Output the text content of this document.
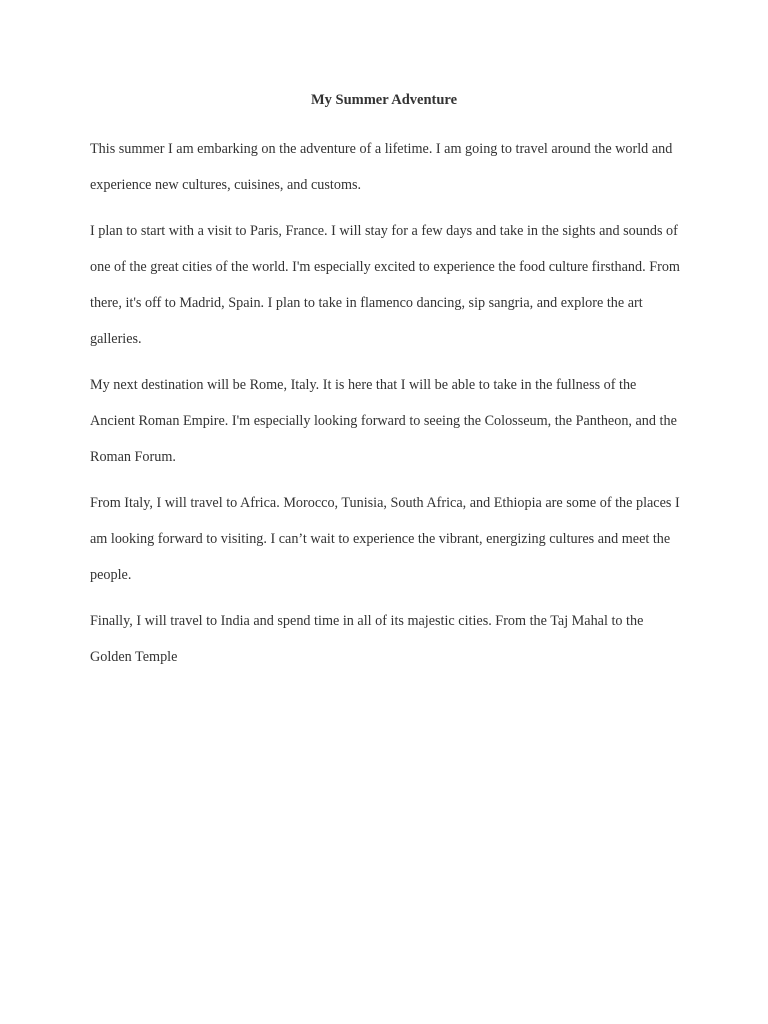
My Summer Adventure

This summer I am embarking on the adventure of a lifetime. I am going to travel around the world and experience new cultures, cuisines, and customs.

I plan to start with a visit to Paris, France. I will stay for a few days and take in the sights and sounds of one of the great cities of the world. I'm especially excited to experience the food culture firsthand. From there, it's off to Madrid, Spain. I plan to take in flamenco dancing, sip sangria, and explore the art galleries.

My next destination will be Rome, Italy. It is here that I will be able to take in the fullness of the Ancient Roman Empire. I'm especially looking forward to seeing the Colosseum, the Pantheon, and the Roman Forum.

From Italy, I will travel to Africa. Morocco, Tunisia, South Africa, and Ethiopia are some of the places I am looking forward to visiting. I can’t wait to experience the vibrant, energizing cultures and meet the people.

Finally, I will travel to India and spend time in all of its majestic cities. From the Taj Mahal to the Golden Temple
